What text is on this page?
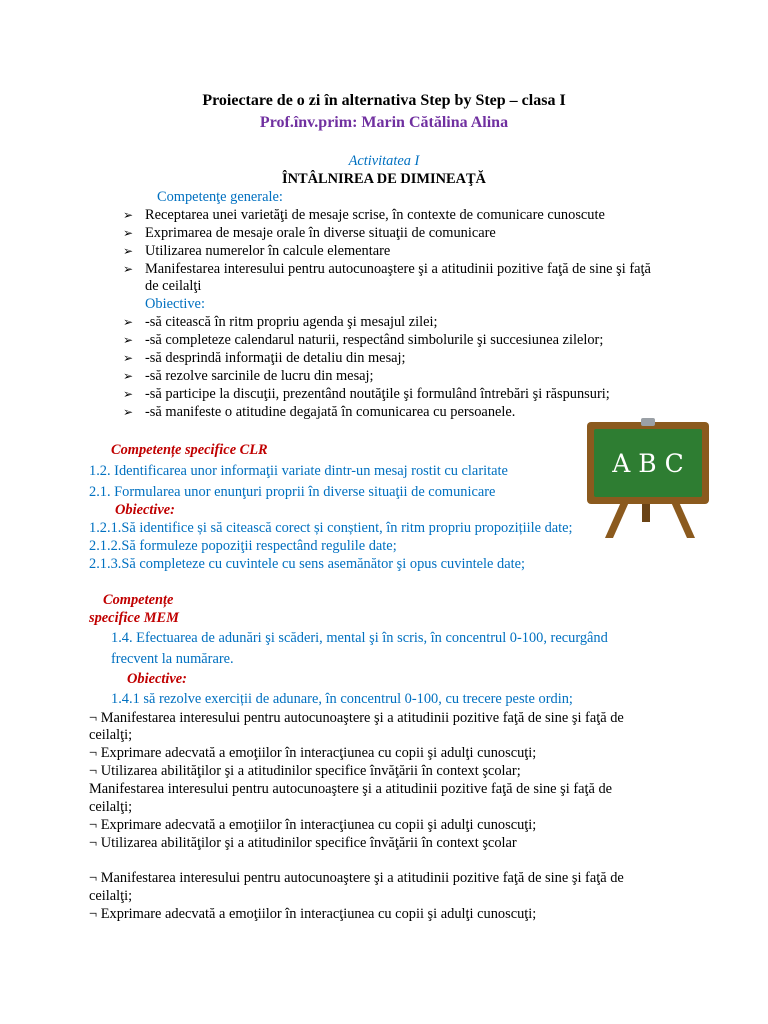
Proiectare de o zi în alternativa Step by Step – clasa I
Prof.înv.prim: Marin Cătălina Alina
Activitatea I
ÎNTÂLNIREA DE DIMINEAŢĂ
Competenţe generale:
➢ Receptarea unei varietăţi de mesaje scrise, în contexte de comunicare cunoscute
➢ Exprimarea de mesaje orale în diverse situaţii de comunicare
➢ Utilizarea numerelor în calcule elementare
➢ Manifestarea interesului pentru autocunoaştere şi a atitudinii pozitive faţă de sine şi faţă
de ceilalţi
Obiective:
➢ -să citească în ritm propriu agenda şi mesajul zilei;
➢ -să completeze calendarul naturii, respectând simbolurile şi succesiunea zilelor;
➢ -să desprindă informaţii de detaliu din mesaj;
➢ -să rezolve sarcinile de lucru din mesaj;
➢ -să participe la discuţii, prezentând noutăţile şi formulând întrebări şi răspunsuri;
➢ -să manifeste o atitudine degajată în comunicarea cu persoanele.
Competențe specifice CLR
1.2. Identificarea unor informaţii variate dintr-un mesaj rostit cu claritate
2.1. Formularea unor enunţuri proprii în diverse situaţii de comunicare
Obiective:
1.2.1.Să identifice și să citească corect și conștient, în ritm propriu propozițiile date;
2.1.2.Să formuleze popoziţii respectând regulile date;
2.1.3.Să completeze cu cuvintele cu sens asemănător şi opus cuvintele date;
A B C
Competențe
specifice MEM
1.4. Efectuarea de adunări şi scăderi, mental şi în scris, în concentrul 0-100, recurgând
frecvent la numărare.
Obiective:
1.4.1 să rezolve exerciții de adunare, în concentrul 0-100, cu trecere peste ordin;
¬ Manifestarea interesului pentru autocunoaştere şi a atitudinii pozitive faţă de sine şi faţă de
ceilalţi;
¬ Exprimare adecvată a emoţiilor în interacţiunea cu copii şi adulţi cunoscuţi;
¬ Utilizarea abilităţilor şi a atitudinilor specifice învăţării în context şcolar;
Manifestarea interesului pentru autocunoaştere şi a atitudinii pozitive faţă de sine şi faţă de
ceilalţi;
¬ Exprimare adecvată a emoţiilor în interacţiunea cu copii şi adulţi cunoscuţi;
¬ Utilizarea abilităţilor şi a atitudinilor specifice învăţării în context şcolar
¬ Manifestarea interesului pentru autocunoaştere şi a atitudinii pozitive faţă de sine şi faţă de
ceilalţi;
¬ Exprimare adecvată a emoţiilor în interacţiunea cu copii şi adulţi cunoscuţi;
